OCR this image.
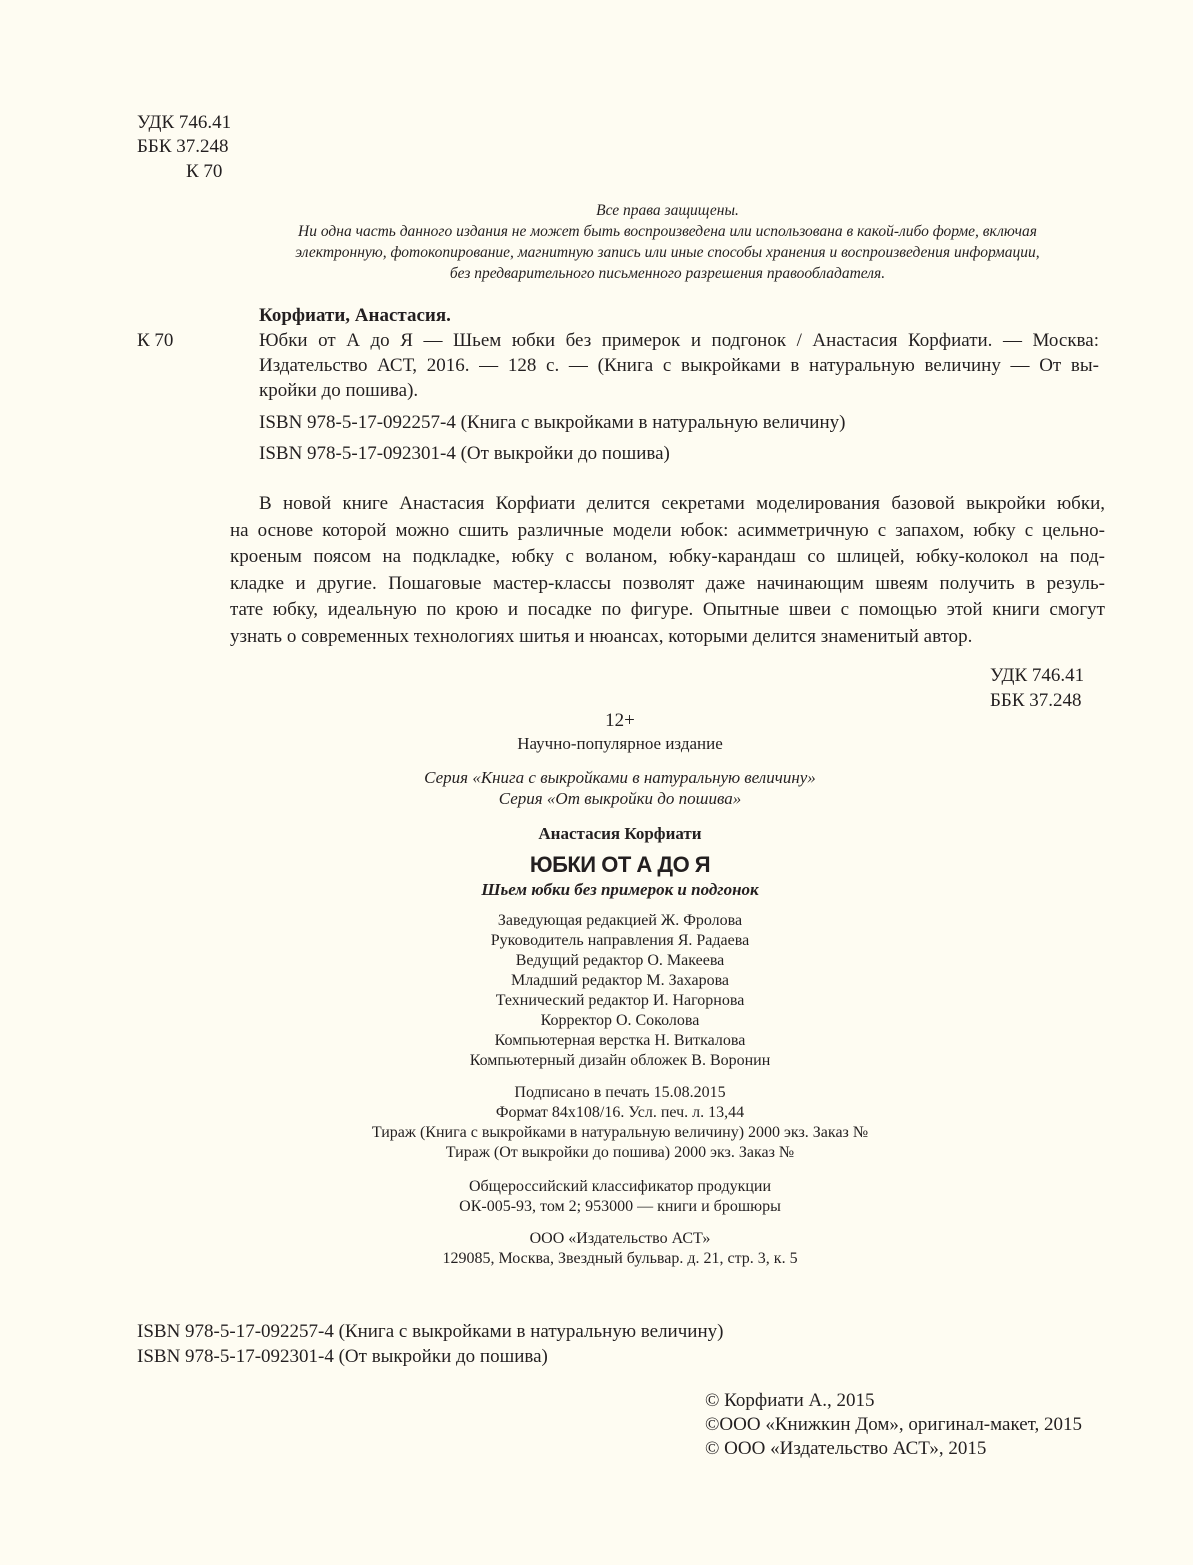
УДК 746.41
ББК 37.248
К 70
Все права защищены.
Ни одна часть данного издания не может быть воспроизведена или использована в какой-либо форме, включая
электронную, фотокопирование, магнитную запись или иные способы хранения и воспроизведения информации,
без предварительного письменного разрешения правообладателя.
Корфиати, Анастасия.
К 70	Юбки от А до Я — Шьем юбки без примерок и подгонок / Анастасия Корфиати. — Москва:
Издательство АСТ, 2016. — 128 с. — (Книга с выкройками в натуральную величину — От вы-
кройки до пошива).
ISBN 978-5-17-092257-4 (Книга с выкройками в натуральную величину)
ISBN 978-5-17-092301-4 (От выкройки до пошива)
В новой книге Анастасия Корфиати делится секретами моделирования базовой выкройки юбки,
на основе которой можно сшить различные модели юбок: асимметричную с запахом, юбку с цельно-
кроеным поясом на подкладке, юбку с воланом, юбку-карандаш со шлицей, юбку-колокол на под-
кладке и другие. Пошаговые мастер-классы позволят даже начинающим швеям получить в резуль-
тате юбку, идеальную по крою и посадке по фигуре. Опытные швеи с помощью этой книги смогут
узнать о современных технологиях шитья и нюансах, которыми делится знаменитый автор.
УДК 746.41
ББК 37.248
12+
Научно-популярное издание
Серия «Книга с выкройками в натуральную величину»
Серия «От выкройки до пошива»
Анастасия Корфиати
ЮБКИ ОТ А ДО Я
Шьем юбки без примерок и подгонок
Заведующая редакцией Ж. Фролова
Руководитель направления Я. Радаева
Ведущий редактор О. Макеева
Младший редактор М. Захарова
Технический редактор И. Нагорнова
Корректор О. Соколова
Компьютерная верстка Н. Виткалова
Компьютерный дизайн обложек В. Воронин
Подписано в печать 15.08.2015
Формат 84x108/16. Усл. печ. л. 13,44
Тираж (Книга с выкройками в натуральную величину) 2000 экз. Заказ №
Тираж (От выкройки до пошива) 2000 экз. Заказ №
Общероссийский классификатор продукции
ОК-005-93, том 2; 953000 — книги и брошюры
ООО «Издательство АСТ»
129085, Москва, Звездный бульвар. д. 21, стр. 3, к. 5
ISBN 978-5-17-092257-4 (Книга с выкройками в натуральную величину)
ISBN 978-5-17-092301-4 (От выкройки до пошива)
© Корфиати А., 2015
©ООО «Книжкин Дом», оригинал-макет, 2015
© ООО «Издательство АСТ», 2015
